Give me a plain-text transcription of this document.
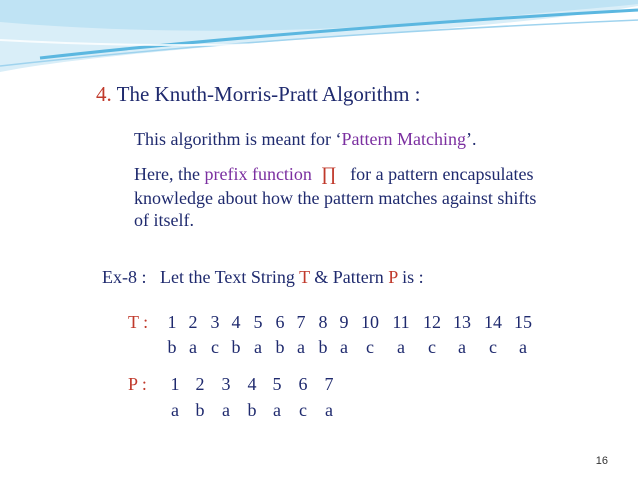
4. The Knuth-Morris-Pratt Algorithm :
This algorithm is meant for ‘Pattern Matching’.
Here, the prefix function ∏   for a pattern encapsulates knowledge about how the pattern matches against shifts of itself.
Ex-8 : Let the Text String T & Pattern P is :
T :	1 2 3 4 5 6 7 8 9 10 11 12 13 14 15
b a c b a b a b a	c	a	c	a	c	a
P :	1 2 3 4 5 6 7
a b a b a	c	a
16
